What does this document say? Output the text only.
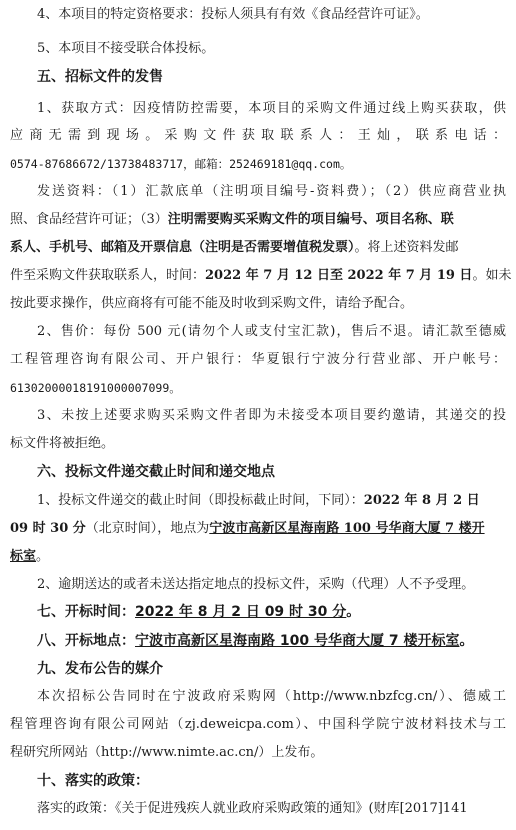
4、本项目的特定资格要求：投标人须具有有效《食品经营许可证》。
5、本项目不接受联合体投标。
五、招标文件的发售
1、获取方式：因疫情防控需要，本项目的采购文件通过线上购买获取，供
应商无需到现场。采购文件获取联系人：王灿，联系电话：
0574-87686672/13738483717，邮箱：252469181@qq.com。
发送资料：（1）汇款底单（注明项目编号-资料费）；（2）供应商营业执
照、食品经营许可证；（3）注明需要购买采购文件的项目编号、项目名称、联
系人、手机号、邮箱及开票信息（注明是否需要增值税发票）。将上述资料发邮
件至采购文件获取联系人，时间：2022 年 7 月 12 日至 2022 年 7 月 19 日。如未
按此要求操作，供应商将有可能不能及时收到采购文件，请给予配合。
2、售价：每份 500 元(请勿个人或支付宝汇款)，售后不退。请汇款至德威
工程管理咨询有限公司、开户银行：华夏银行宁波分行营业部、开户帐号：
61302000018191000007099。
3、未按上述要求购买采购文件者即为未接受本项目要约邀请，其递交的投
标文件将被拒绝。
六、投标文件递交截止时间和递交地点
1、投标文件递交的截止时间（即投标截止时间，下同）：2022 年 8 月 2 日
09 时 30 分（北京时间），地点为宁波市高新区星海南路 100 号华商大厦 7 楼开
标室。
2、逾期送达的或者未送达指定地点的投标文件，采购（代理）人不予受理。
七、开标时间：2022 年 8 月 2 日 09 时 30 分。
八、开标地点：宁波市高新区星海南路 100 号华商大厦 7 楼开标室。
九、发布公告的媒介
本次招标公告同时在宁波政府采购网（http://www.nbzfcg.cn/）、德威工
程管理咨询有限公司网站（zj.deweicpa.com）、中国科学院宁波材料技术与工
程研究所网站（http://www.nimte.ac.cn/）上发布。
十、落实的政策：
落实的政策：《关于促进残疾人就业政府采购政策的通知》(财库[2017]141
